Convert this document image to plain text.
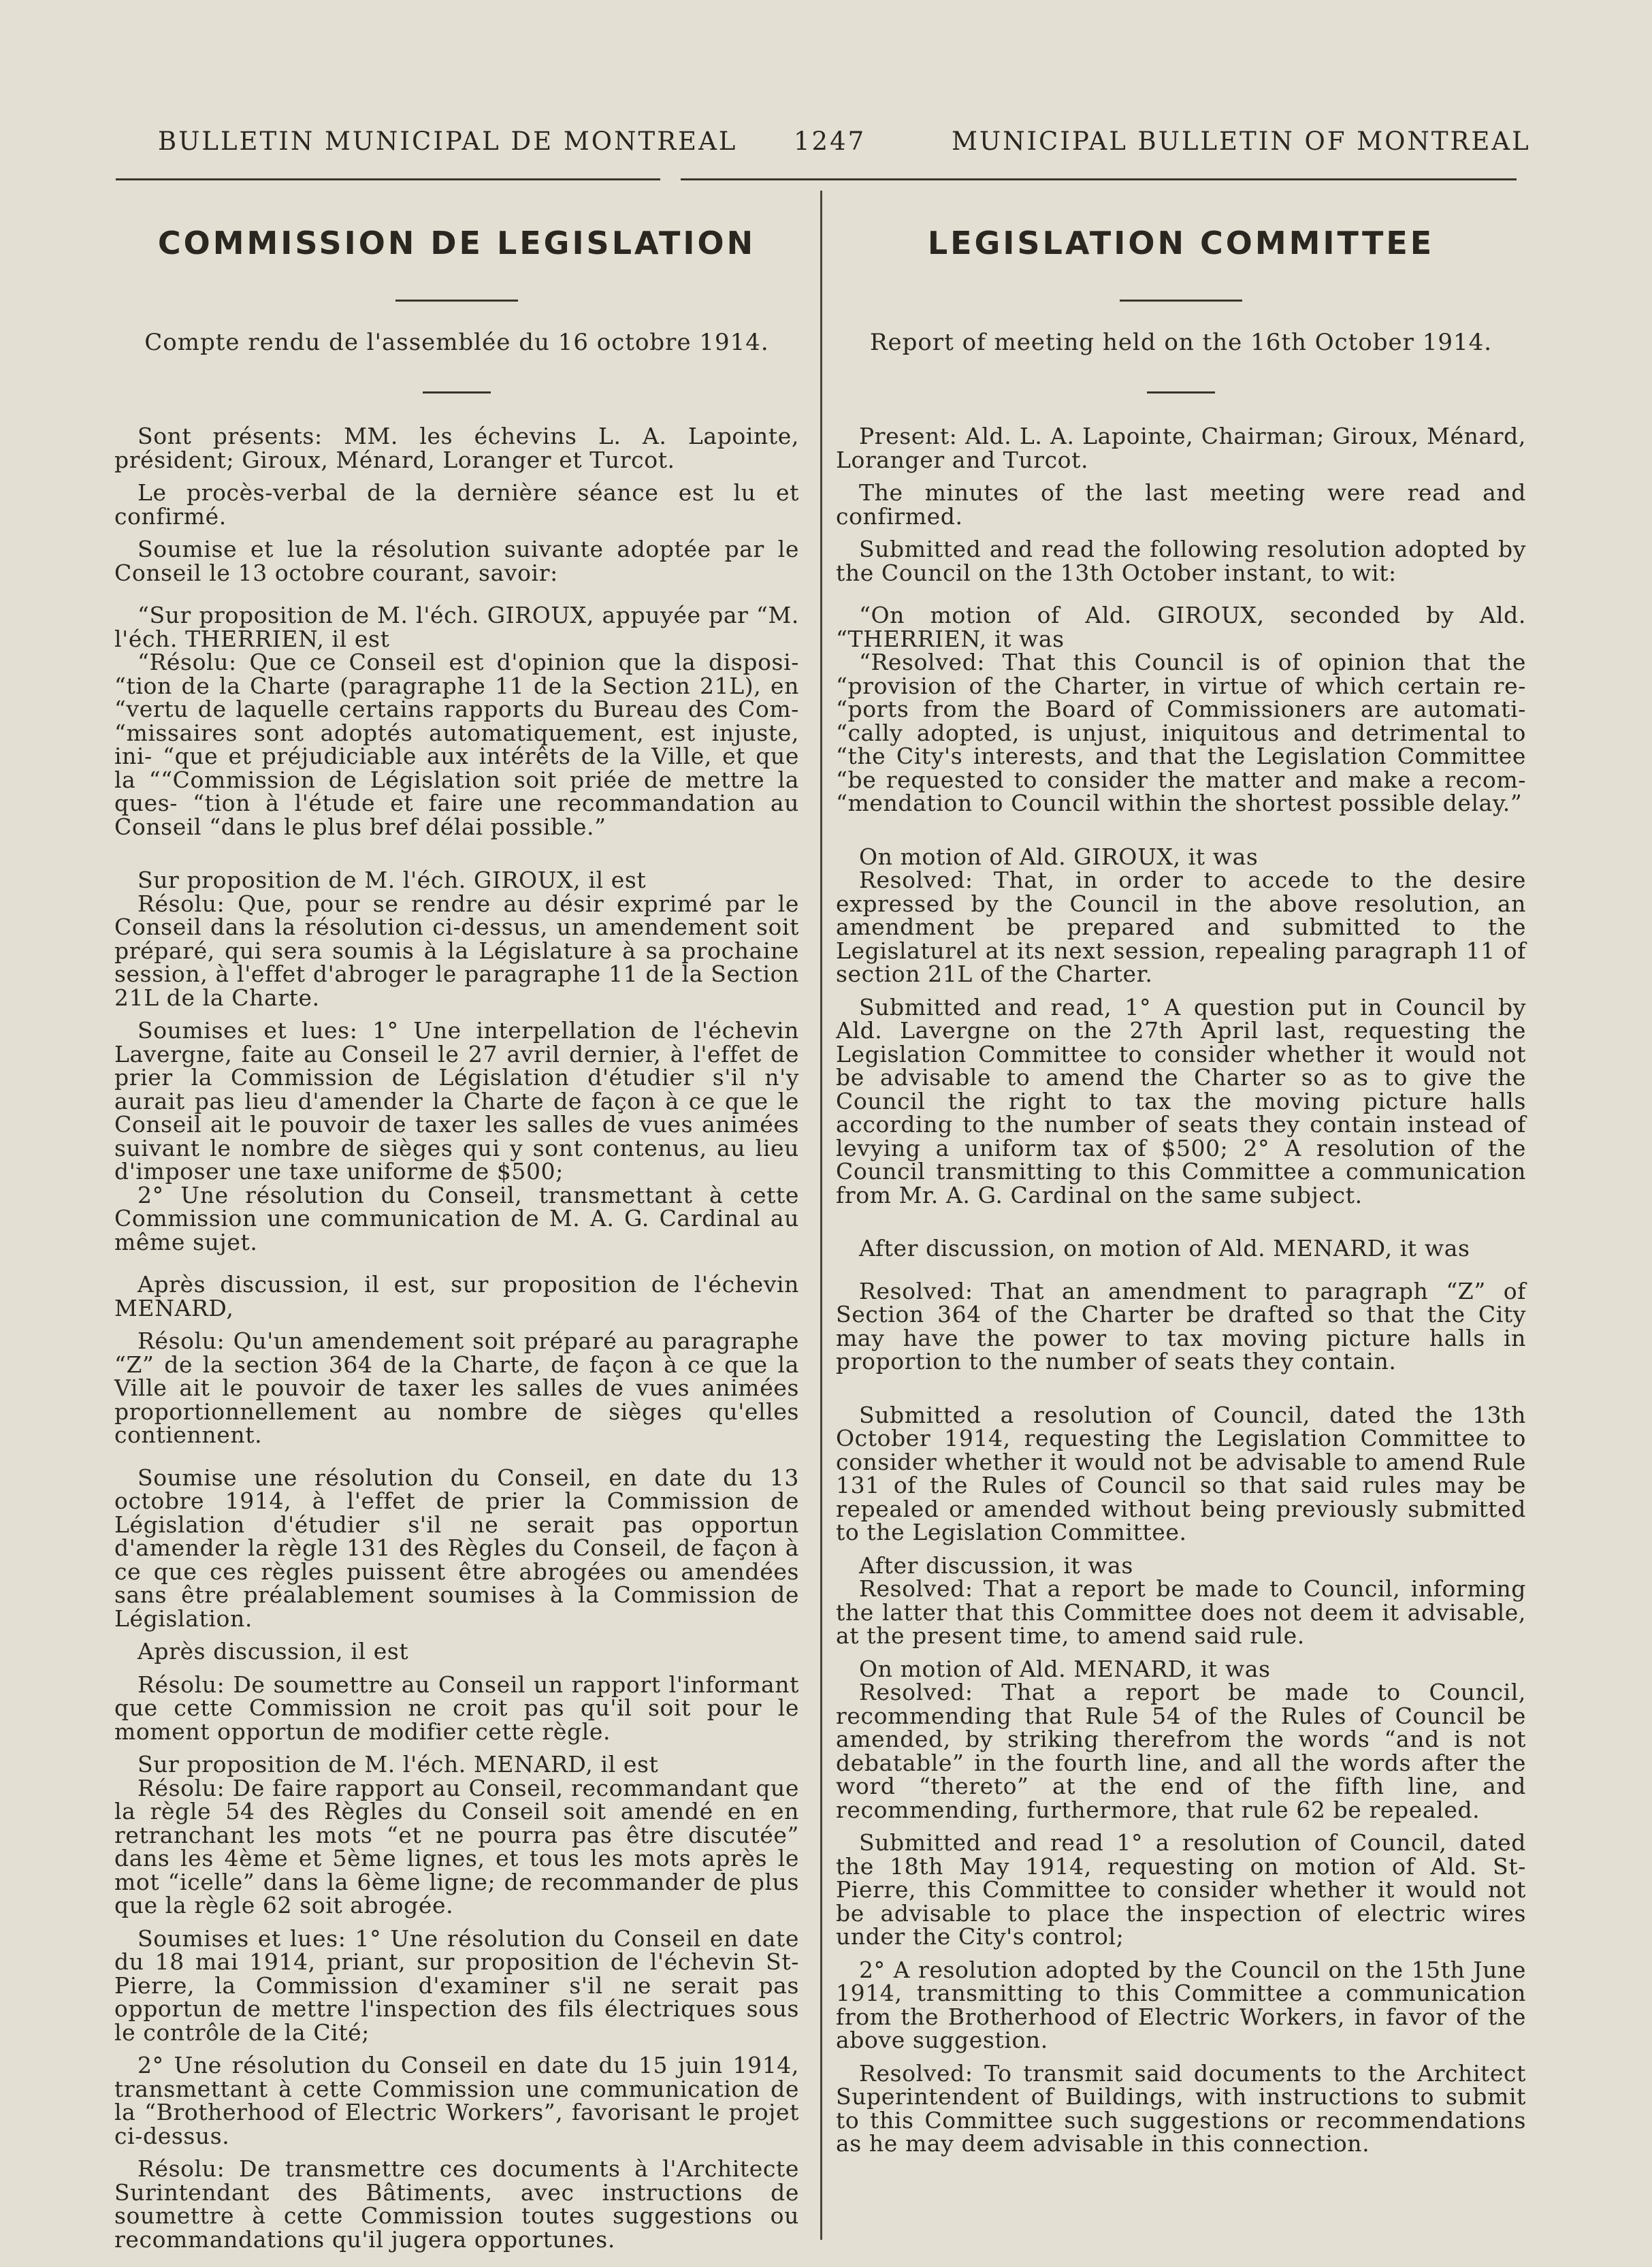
BULLETIN MUNICIPAL DE MONTREAL 1247	MUNICIPAL BULLETIN OF MONTREAL
COMMISSION DE LEGISLATION
Compte rendu de l'assemblée du 16 octobre 1914.

Sont présents: MM. les échevins L. A. Lapointe, président; Giroux, Ménard, Loranger et Turcot.

Le procès-verbal de la dernière séance est lu et confirmé.

Soumise et lue la résolution suivante adoptée par le Conseil le 13 octobre courant, savoir:

“Sur proposition de M. l'éch. GIROUX, appuyée par “M. l'éch. THERRIEN, il est

“Résolu: Que ce Conseil est d'opinion que la disposi- “tion de la Charte (paragraphe 11 de la Section 21L), en “vertu de laquelle certains rapports du Bureau des Com- “missaires sont adoptés automatiquement, est injuste, ini- “que et préjudiciable aux intérêts de la Ville, et que la ““Commission de Législation soit priée de mettre la ques- “tion à l'étude et faire une recommandation au Conseil “dans le plus bref délai possible.”

Sur proposition de M. l'éch. GIROUX, il est

Résolu: Que, pour se rendre au désir exprimé par le Conseil dans la résolution ci-dessus, un amendement soit préparé, qui sera soumis à la Législature à sa prochaine session, à l'effet d'abroger le paragraphe 11 de la Section 21L de la Charte.

Soumises et lues: 1° Une interpellation de l'échevin Lavergne, faite au Conseil le 27 avril dernier, à l'effet de prier la Commission de Législation d'étudier s'il n'y aurait pas lieu d'amender la Charte de façon à ce que le Conseil ait le pouvoir de taxer les salles de vues animées suivant le nombre de sièges qui y sont contenus, au lieu d'imposer une taxe uniforme de $500;

2° Une résolution du Conseil, transmettant à cette Commission une communication de M. A. G. Cardinal au même sujet.

Après discussion, il est, sur proposition de l'échevin MENARD,

Résolu: Qu'un amendement soit préparé au paragraphe “Z” de la section 364 de la Charte, de façon à ce que la Ville ait le pouvoir de taxer les salles de vues animées proportionnellement au nombre de sièges qu'elles contiennent.

Soumise une résolution du Conseil, en date du 13 octobre 1914, à l'effet de prier la Commission de Législation d'étudier s'il ne serait pas opportun d'amender la règle 131 des Règles du Conseil, de façon à ce que ces règles puissent être abrogées ou amendées sans être préalablement soumises à la Commission de Législation.

Après discussion, il est

Résolu: De soumettre au Conseil un rapport l'informant que cette Commission ne croit pas qu'il soit pour le moment opportun de modifier cette règle.

Sur proposition de M. l'éch. MENARD, il est

Résolu: De faire rapport au Conseil, recommandant que la règle 54 des Règles du Conseil soit amendé en en retranchant les mots “et ne pourra pas être discutée” dans les 4ème et 5ème lignes, et tous les mots après le mot “icelle” dans la 6ème ligne; de recommander de plus que la règle 62 soit abrogée.

Soumises et lues: 1° Une résolution du Conseil en date du 18 mai 1914, priant, sur proposition de l'échevin St-Pierre, la Commission d'examiner s'il ne serait pas opportun de mettre l'inspection des fils électriques sous le contrôle de la Cité;

2° Une résolution du Conseil en date du 15 juin 1914, transmettant à cette Commission une communication de la “Brotherhood of Electric Workers”, favorisant le projet ci-dessus.

Résolu: De transmettre ces documents à l'Architecte Surintendant des Bâtiments, avec instructions de soumettre à cette Commission toutes suggestions ou recommandations qu'il jugera opportunes.

LEGISLATION COMMITTEE
Report of meeting held on the 16th October 1914.

Present: Ald. L. A. Lapointe, Chairman; Giroux, Ménard, Loranger and Turcot.

The minutes of the last meeting were read and confirmed.

Submitted and read the following resolution adopted by the Council on the 13th October instant, to wit:

“On motion of Ald. GIROUX, seconded by Ald. “THERRIEN, it was

“Resolved: That this Council is of opinion that the “provision of the Charter, in virtue of which certain re- “ports from the Board of Commissioners are automati- “cally adopted, is unjust, iniquitous and detrimental to “the City's interests, and that the Legislation Committee “be requested to consider the matter and make a recom- “mendation to Council within the shortest possible delay.”

On motion of Ald. GIROUX, it was

Resolved: That, in order to accede to the desire expressed by the Council in the above resolution, an amendment be prepared and submitted to the Legislaturel at its next session, repealing paragraph 11 of section 21L of the Charter.

Submitted and read, 1° A question put in Council by Ald. Lavergne on the 27th April last, requesting the Legislation Committee to consider whether it would not be advisable to amend the Charter so as to give the Council the right to tax the moving picture halls according to the number of seats they contain instead of levying a uniform tax of $500; 2° A resolution of the Council transmitting to this Committee a communication from Mr. A. G. Cardinal on the same subject.

After discussion, on motion of Ald. MENARD, it was

Resolved: That an amendment to paragraph “Z” of Section 364 of the Charter be drafted so that the City may have the power to tax moving picture halls in proportion to the number of seats they contain.

Submitted a resolution of Council, dated the 13th October 1914, requesting the Legislation Committee to consider whether it would not be advisable to amend Rule 131 of the Rules of Council so that said rules may be repealed or amended without being previously submitted to the Legislation Committee.

After discussion, it was

Resolved: That a report be made to Council, informing the latter that this Committee does not deem it advisable, at the present time, to amend said rule.

On motion of Ald. MENARD, it was

Resolved: That a report be made to Council, recommending that Rule 54 of the Rules of Council be amended, by striking therefrom the words “and is not debatable” in the fourth line, and all the words after the word “thereto” at the end of the fifth line, and recommending, furthermore, that rule 62 be repealed.

Submitted and read 1° a resolution of Council, dated the 18th May 1914, requesting on motion of Ald. St-Pierre, this Committee to consider whether it would not be advisable to place the inspection of electric wires under the City's control;

2° A resolution adopted by the Council on the 15th June 1914, transmitting to this Committee a communication from the Brotherhood of Electric Workers, in favor of the above suggestion.

Resolved: To transmit said documents to the Architect Superintendent of Buildings, with instructions to submit to this Committee such suggestions or recommendations as he may deem advisable in this connection.
